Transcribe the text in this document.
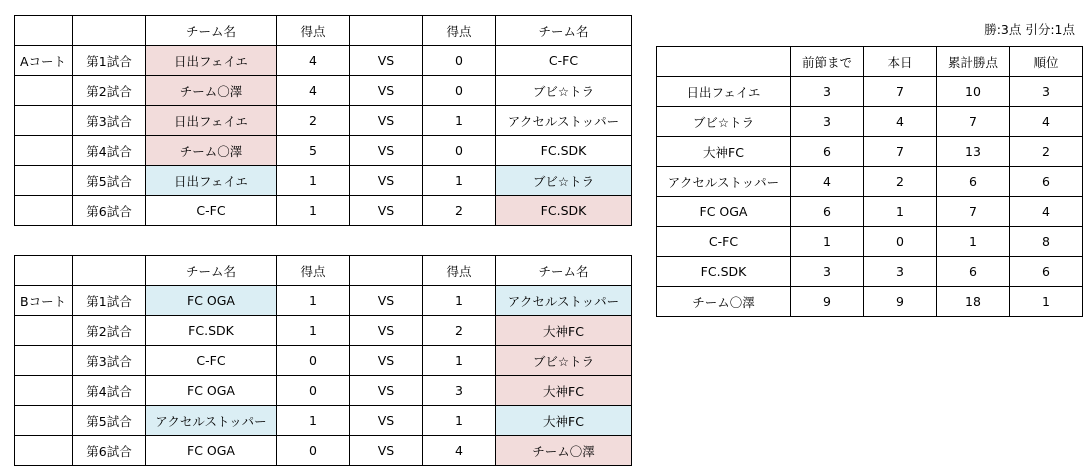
勝:3点 引分:1点
		チーム名	得点		得点	チーム名
Aコート	第1試合	日出フェイエ	4	VS	0	C-FC
	第2試合	チーム〇澤	4	VS	0	ブビ☆トラ
	第3試合	日出フェイエ	2	VS	1	アクセルストッパー
	第4試合	チーム〇澤	5	VS	0	FC.SDK
	第5試合	日出フェイエ	1	VS	1	ブビ☆トラ
	第6試合	C-FC	1	VS	2	FC.SDK
		チーム名	得点		得点	チーム名
Bコート	第1試合	FC OGA	1	VS	1	アクセルストッパー
	第2試合	FC.SDK	1	VS	2	大神FC
	第3試合	C-FC	0	VS	1	ブビ☆トラ
	第4試合	FC OGA	0	VS	3	大神FC
	第5試合	アクセルストッパー	1	VS	1	大神FC
	第6試合	FC OGA	0	VS	4	チーム〇澤
	前節まで	本日	累計勝点	順位
日出フェイエ	3	7	10	3
ブビ☆トラ	3	4	7	4
大神FC	6	7	13	2
アクセルストッパー	4	2	6	6
FC OGA	6	1	7	4
C-FC	1	0	1	8
FC.SDK	3	3	6	6
チーム〇澤	9	9	18	1
